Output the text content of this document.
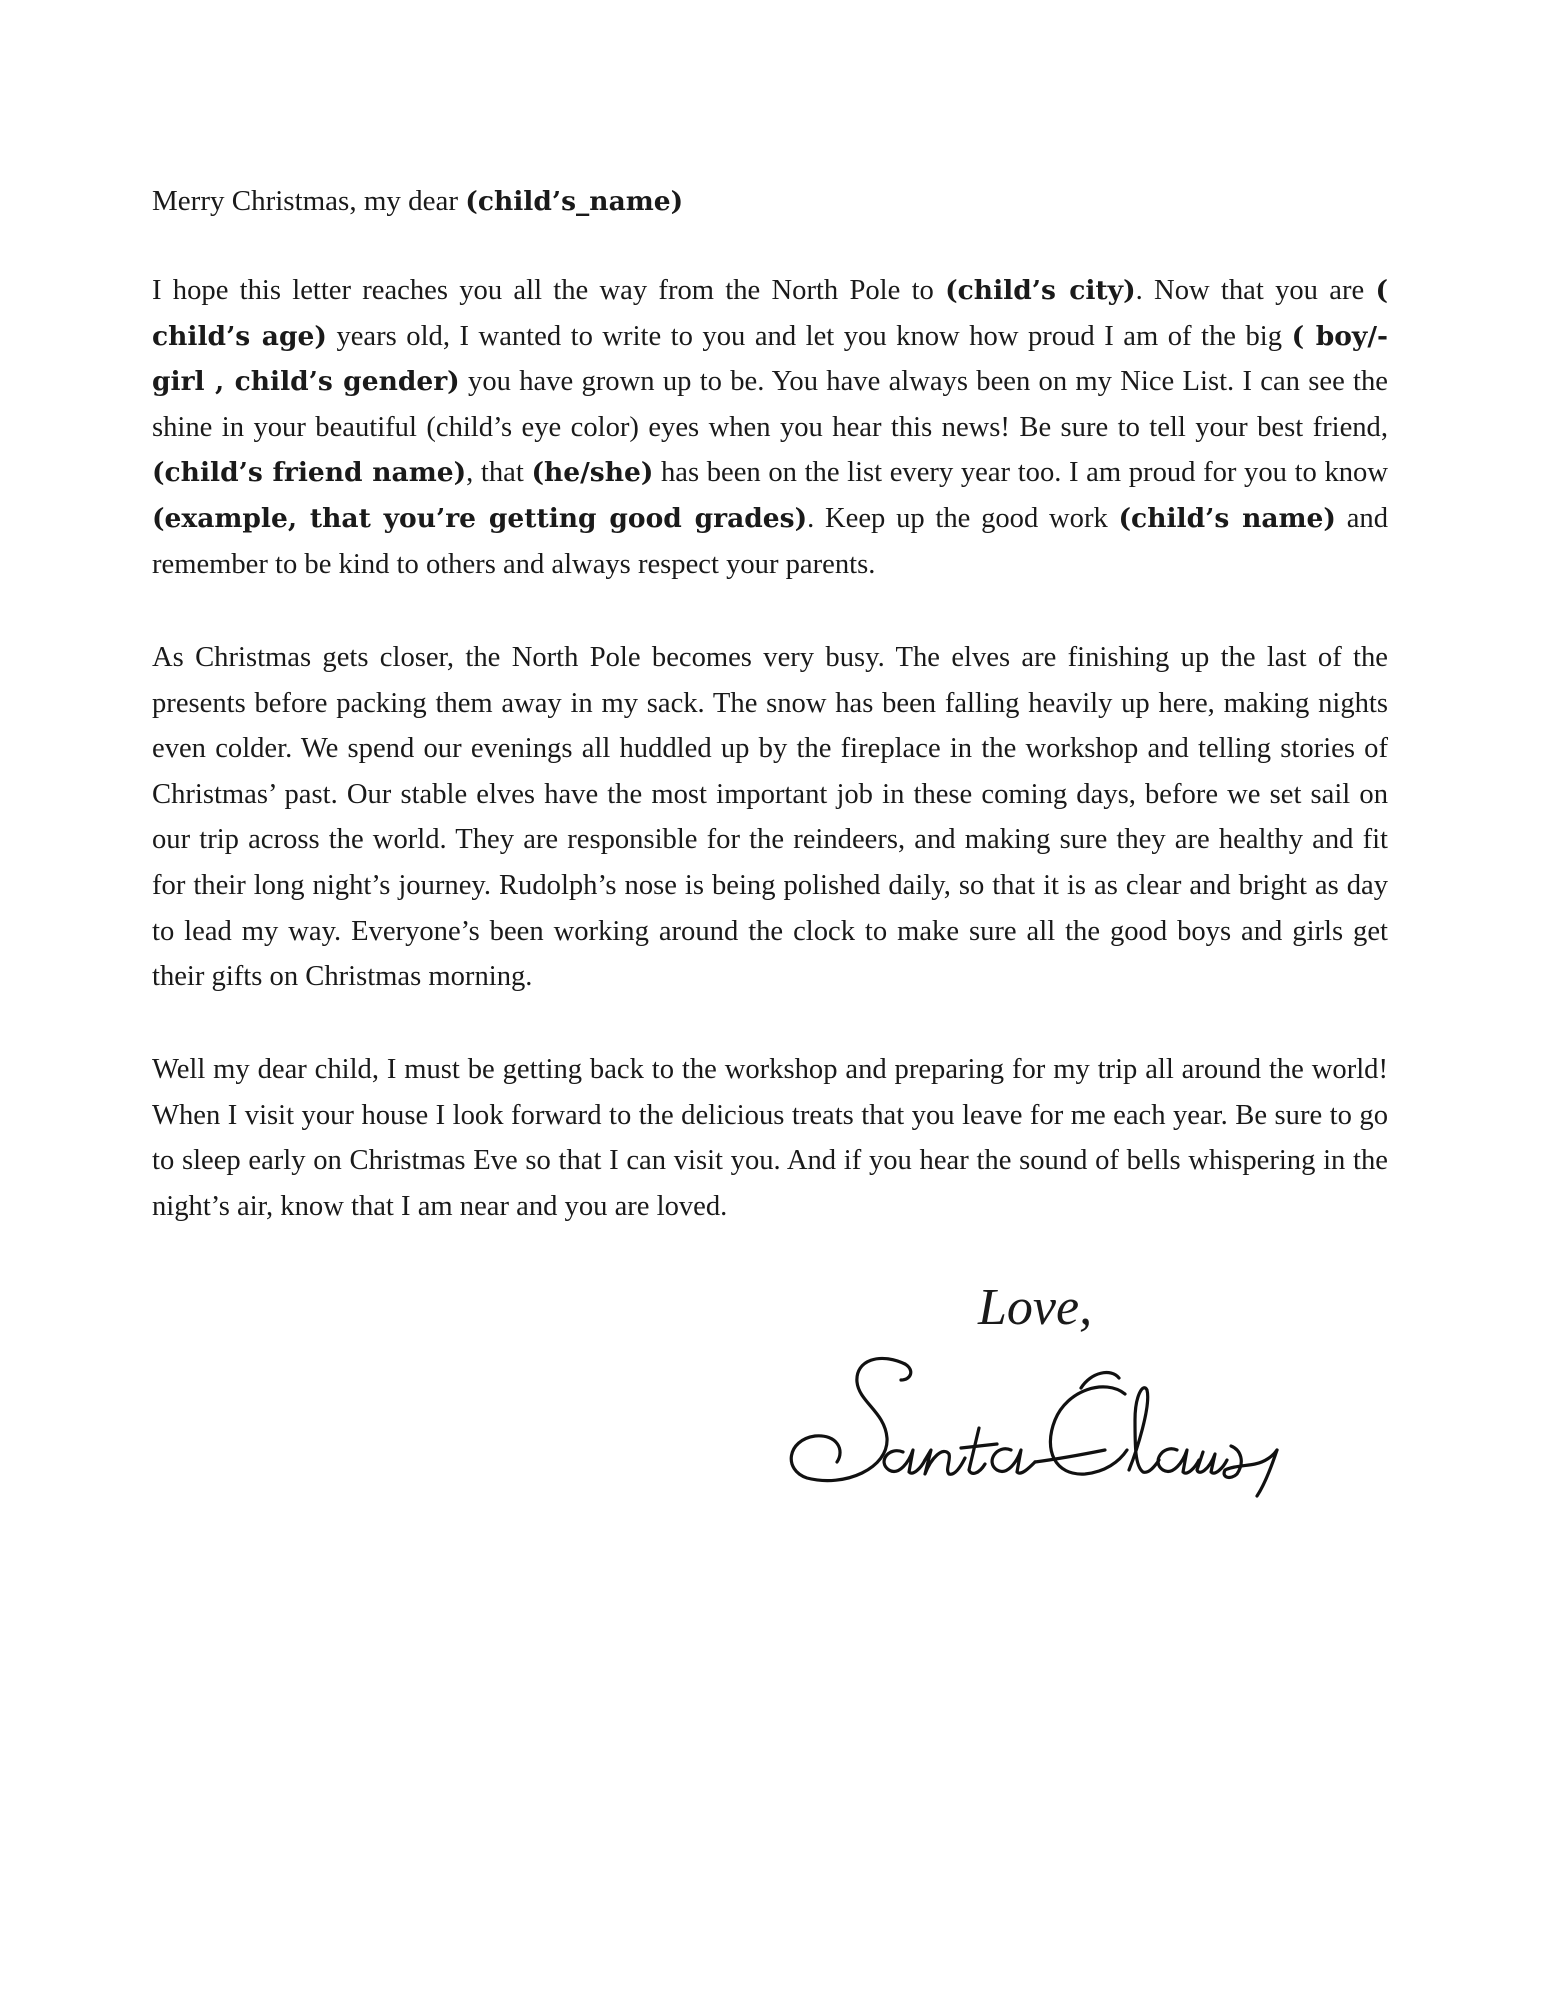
Merry Christmas, my dear (child’s_name)

I hope this letter reaches you all the way from the North Pole to (child’s city). Now that you are ( child’s age) years old, I wanted to write to you and let you know how proud I am of the big ( boy/-girl , child’s gender) you have grown up to be. You have always been on my Nice List. I can see the shine in your beautiful (child’s eye color) eyes when you hear this news! Be sure to tell your best friend, (child’s friend name), that (he/she) has been on the list every year too. I am proud for you to know (example, that you’re getting good grades). Keep up the good work (child’s name) and remember to be kind to others and always respect your parents.

As Christmas gets closer, the North Pole becomes very busy. The elves are finishing up the last of the presents before packing them away in my sack. The snow has been falling heavily up here, making nights even colder. We spend our evenings all huddled up by the fireplace in the workshop and telling stories of Christmas’ past. Our stable elves have the most important job in these coming days, before we set sail on our trip across the world. They are responsible for the reindeers, and making sure they are healthy and fit for their long night’s journey. Rudolph’s nose is being polished daily, so that it is as clear and bright as day to lead my way. Everyone’s been working around the clock to make sure all the good boys and girls get their gifts on Christmas morning.

Well my dear child, I must be getting back to the workshop and preparing for my trip all around the world! When I visit your house I look forward to the delicious treats that you leave for me each year. Be sure to go to sleep early on Christmas Eve so that I can visit you. And if you hear the sound of bells whispering in the night’s air, know that I am near and you are loved.

Love,
